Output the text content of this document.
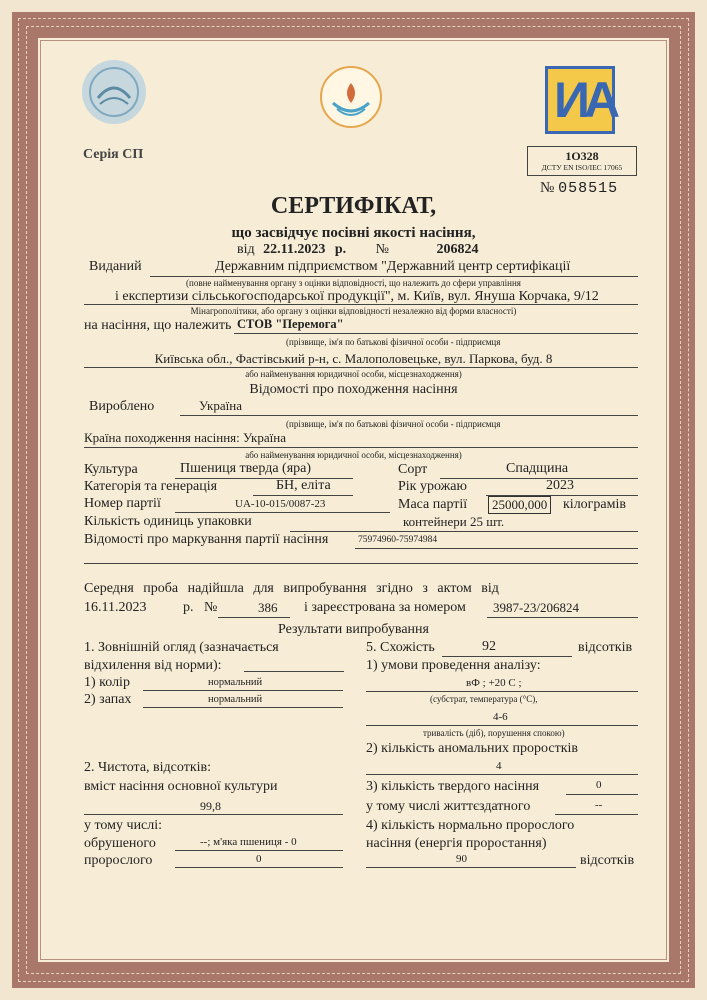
ИА
Серія СП	1О328
ДСТУ EN ISO/IEC 17065
№ 058515
СЕРТИФІКАТ,
що засвідчує посівні якості насіння,
від 22.11.2023 р. №	206824
Виданий	Державним підприємством "Державний центр сертифікації
(повне найменування органу з оцінки відповідності, що належить до сфери управління
і експертизи сільськогосподарської продукції", м. Київ, вул. Януша Корчака, 9/12
Мінагрополітики, або органу з оцінки відповідності незалежно від форми власності)
на насіння, що належить СТОВ "Перемога"
(прізвище, ім'я по батькові фізичної особи - підприємця
Київська обл., Фастівський р-н, с. Малополовецьке, вул. Паркова, буд. 8
або найменування юридичної особи, місцезнаходження)
Відомості про походження насіння
Вироблено	Україна
(прізвище, ім'я по батькові фізичної особи - підприємця
Країна походження насіння: Україна
або найменування юридичної особи, місцезнаходження)
Культура	Пшениця тверда (яра)	Сорт	Спадщина
Категорія та генерація	БН, еліта	Рік урожаю	2023
Номер партії	UA-10-015/0087-23	Маса партії	25000,000 кілограмів
Кількість одиниць упаковки	контейнери 25 шт.
Відомості про маркування партії насіння	75974960-75974984
Середня проба надійшла для випробування згідно з актом від
16.11.2023	р. №	386 і зареєстрована за номером 3987-23/206824
Результати випробування
1. Зовнішній огляд (зазначається
відхилення від норми):
1) колір	нормальний
2) запах	нормальний
2. Чистота, відсотків:
вміст насіння основної культури
99,8
у тому числі:
обрушеного	--; м'яка пшениця - 0
пророслого	0
5. Схожість	92	відсотків
1) умови проведення аналізу:
вФ ; +20 С ;
(субстрат, температура (°С),
4-6
тривалість (діб), порушення спокою)
2) кількість аномальних проростків
4
3) кількість твердого насіння	0
у тому числі життєздатного	--
4) кількість нормально пророслого
насіння (енергія проростання)
90	відсотків
